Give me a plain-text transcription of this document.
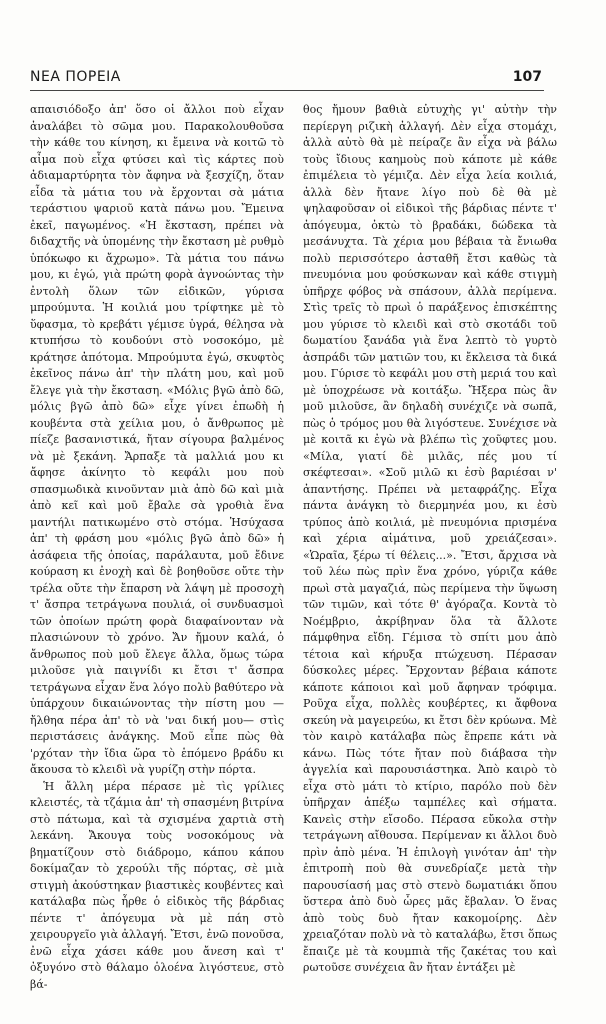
ΝΕΑ ΠΟΡΕΙΑ	107

απαισιόδοξο ἀπ' ὅσο οἱ ἄλλοι ποὺ εἶχαν ἀναλάβει τὸ σῶμα μου. Παρακολουθοῦσα τὴν κάθε του κίνηση, κι ἔμεινα νὰ κοιτῶ τὸ αἷμα ποὺ εἶχα φτύσει καὶ τὶς κάρτες ποὺ ἀδιαμαρτύρητα τὸν ἄφηνα νὰ ξεσχίζη, ὅταν εἶδα τὰ μάτια του νὰ ἔρχονται σὰ μάτια τεράστιου ψαριοῦ κατὰ πάνω μου. Ἔμεινα ἐκεῖ, παγωμένος. «Ἡ ἔκσταση, πρέπει νὰ διδαχτῆς νὰ ὑπομένης τὴν ἔκσταση μὲ ρυθμὸ ὑπόκωφο κι ἄχρωμο». Τὰ μάτια του πάνω μου, κι ἐγώ, γιὰ πρώτη φορὰ ἀγνοώντας τὴν ἐντολὴ ὅλων τῶν εἰδικῶν, γύρισα μπρούμυτα. Ἡ κοιλιά μου τρίφτηκε μὲ τὸ ὕφασμα, τὸ κρεβάτι γέμισε ὑγρά, θέλησα νὰ κτυπήσω τὸ κουδούνι στὸ νοσοκόμο, μὲ κράτησε ἀπότομα. Μπρούμυτα ἐγώ, σκυφτὸς ἐκεῖνος πάνω ἀπ' τὴν πλάτη μου, καὶ μοῦ ἔλεγε γιὰ τὴν ἔκσταση. «Μόλις βγῶ ἀπὸ δῶ, μόλις βγῶ ἀπὸ δῶ» εἶχε γίνει ἐπωδὴ ἡ κουβέντα στὰ χείλια μου, ὁ ἄνθρωπος μὲ πίεζε βασανιστικά, ἤταν σίγουρα βαλμένος νὰ μὲ ξεκάνη. Ἄρπαξε τὰ μαλλιά μου κι ἄφησε ἀκίνητο τὸ κεφάλι μου ποὺ σπασμωδικὰ κινοῦνταν μιὰ ἀπὸ δῶ καὶ μιὰ ἀπὸ κεῖ καὶ μοῦ ἔβαλε σὰ γροθιὰ ἕνα μαντήλι πατικωμένο στὸ στόμα. Ἡσύχασα ἀπ' τὴ φράση μου «μόλις βγῶ ἀπὸ δῶ» ἡ ἀσάφεια τῆς ὁποίας, παράλαυτα, μοῦ ἔδινε κούραση κι ἐνοχὴ καὶ δὲ βοηθοῦσε οὔτε τὴν τρέλα οὔτε τὴν ἔπαρση νὰ λάψη μὲ προσοχὴ τ' ἄσπρα τετράγωνα πουλιά, οἱ συνδυασμοὶ τῶν ὁποίων πρώτη φορὰ διαφαίνονταν νὰ πλασιώνουν τὸ χρόνο. Ἄν ἤμουν καλά, ὁ ἄνθρωπος ποὺ μοῦ ἔλεγε ἄλλα, ὅμως τώρα μιλοῦσε γιὰ παιγνίδι κι ἔτσι τ' ἄσπρα τετράγωνα εἶχαν ἕνα λόγο πολὺ βαθύτερο νὰ ὑπάρχουν δικαιώνοντας τὴν πίστη μου —ἤλθηα πέρα ἀπ' τὸ νὰ 'ναι δική μου— στὶς περιστάσεις ἀνάγκης. Μοῦ εἶπε πὼς θὰ 'ρχόταν τὴν ἴδια ὥρα τὸ ἑπόμενο βράδυ κι ἄκουσα τὸ κλειδὶ νὰ γυρίζη στὴν πόρτα.

Ἡ ἄλλη μέρα πέρασε μὲ τὶς γρίλιες κλειστές, τὰ τζάμια ἀπ' τὴ σπασμένη βιτρίνα στὸ πάτωμα, καὶ τὰ σχισμένα χαρτιὰ στὴ λεκάνη. Ἄκουγα τοὺς νοσοκόμους νὰ βηματίζουν στὸ διάδρομο, κάπου κάπου δοκίμαζαν τὸ χερούλι τῆς πόρτας, σὲ μιὰ στιγμὴ ἀκούστηκαν βιαστικὲς κουβέντες καὶ κατάλαβα πὼς ἦρθε ὁ εἰδικὸς τῆς βάρδιας πέντε τ' ἀπόγευμα νὰ μὲ πάη στὸ χειρουργεῖο γιὰ ἀλλαγή. Ἔτσι, ἐνῶ πονοῦσα, ἐνῶ εἶχα χάσει κάθε μου ἄνεση καὶ τ' ὀξυγόνο στὸ θάλαμο ὁλοένα λιγόστευε, στὸ βά-

θος ἤμουν βαθιὰ εὐτυχὴς γι' αὐτὴν τὴν περίεργη ριζικὴ ἀλλαγή. Δὲν εἶχα στομάχι, ἀλλὰ αὐτὸ θὰ μὲ πείραζε ἂν εἶχα νὰ βάλω τοὺς ἴδιους καημοὺς ποὺ κάποτε μὲ κάθε ἐπιμέλεια τὸ γέμιζα. Δὲν εἶχα λεία κοιλιά, ἀλλὰ δὲν ἤτανε λίγο ποὺ δὲ θὰ μὲ ψηλαφοῦσαν οἱ εἰδικοὶ τῆς βάρδιας πέντε τ' ἀπόγευμα, ὀκτὼ τὸ βραδάκι, δώδεκα τὰ μεσάνυχτα. Τὰ χέρια μου βέβαια τὰ ἔνιωθα πολὺ περισσότερο ἀσταθῆ ἔτσι καθὼς τὰ πνευμόνια μου φούσκωναν καὶ κάθε στιγμὴ ὑπῆρχε φόβος νὰ σπάσουν, ἀλλὰ περίμενα. Στὶς τρεῖς τὸ πρωὶ ὁ παράξενος ἐπισκέπτης μου γύρισε τὸ κλειδὶ καὶ στὸ σκοτάδι τοῦ δωματίου ξανάδα γιὰ ἕνα λεπτὸ τὸ γυρτὸ ἀσπράδι τῶν ματιῶν του, κι ἔκλεισα τὰ δικά μου. Γύρισε τὸ κεφάλι μου στὴ μεριά του καὶ μὲ ὑποχρέωσε νὰ κοιτάξω. Ἤξερα πὼς ἂν μοῦ μιλοῦσε, ἂν δηλαδὴ συνέχιζε νὰ σωπᾶ, πὼς ὁ τρόμος μου θὰ λιγόστευε. Συνέχισε νὰ μὲ κοιτᾶ κι ἐγὼ νὰ βλέπω τὶς χοῦφτες μου. «Μίλα, γιατί δὲ μιλᾶς, πές μου τί σκέφτεσαι». «Σοῦ μιλῶ κι ἐσὺ βαριέσαι ν' ἀπαντήσης. Πρέπει νὰ μεταφράζης. Εἶχα πάντα ἀνάγκη τὸ διερμηνέα μου, κι ἐσὺ τρύπος ἀπὸ κοιλιά, μὲ πνευμόνια πρισμένα καὶ χέρια αἱμάτινα, μοῦ χρειάζεσαι». «Ὡραῖα, ξέρω τί θέλεις...». Ἔτσι, ἄρχισα νὰ τοῦ λέω πὼς πρὶν ἕνα χρόνο, γύριζα κάθε πρωὶ στὰ μαγαζιά, πὼς περίμενα τὴν ὕψωση τῶν τιμῶν, καὶ τότε θ' ἀγόραζα. Κοντὰ τὸ Νοέμβριο, ἀκρίβηναν ὅλα τὰ ἄλλοτε πάμφθηνα εἴδη. Γέμισα τὸ σπίτι μου ἀπὸ τέτοια καὶ κήρυξα πτώχευση. Πέρασαν δύσκολες μέρες. Ἔρχονταν βέβαια κάποτε κάποτε κάποιοι καὶ μοῦ ἄφηναν τρόφιμα. Ροῦχα εἶχα, πολλὲς κουβέρτες, κι ἄφθονα σκεύη νὰ μαγειρεύω, κι ἔτσι δὲν κρύωνα. Μὲ τὸν καιρὸ κατάλαβα πὼς ἔπρεπε κάτι νὰ κάνω. Πὼς τότε ἤταν ποὺ διάβασα τὴν ἀγγελία καὶ παρουσιάστηκα. Ἀπὸ καιρὸ τὸ εἶχα στὸ μάτι τὸ κτίριο, παρόλο ποὺ δὲν ὑπῆρχαν ἀπέξω ταμπέλες καὶ σήματα. Κανεὶς στὴν εἴσοδο. Πέρασα εὔκολα στὴν τετράγωνη αἴθουσα. Περίμεναν κι ἄλλοι δυὸ πρὶν ἀπὸ μένα. Ἡ ἐπιλογὴ γινόταν ἀπ' τὴν ἐπιτροπὴ ποὺ θὰ συνεδρίαζε μετὰ τὴν παρουσίασή μας στὸ στενὸ δωματιάκι ὅπου ὕστερα ἀπὸ δυὸ ὧρες μᾶς ἔβαλαν. Ὁ ἕνας ἀπὸ τοὺς δυὸ ἤταν κακομοίρης. Δὲν χρειαζόταν πολὺ νὰ τὸ καταλάβω, ἔτσι ὅπως ἔπαιζε μὲ τὰ κουμπιὰ τῆς ζακέτας του καὶ ρωτοῦσε συνέχεια ἂν ἤταν ἐντάξει μὲ
